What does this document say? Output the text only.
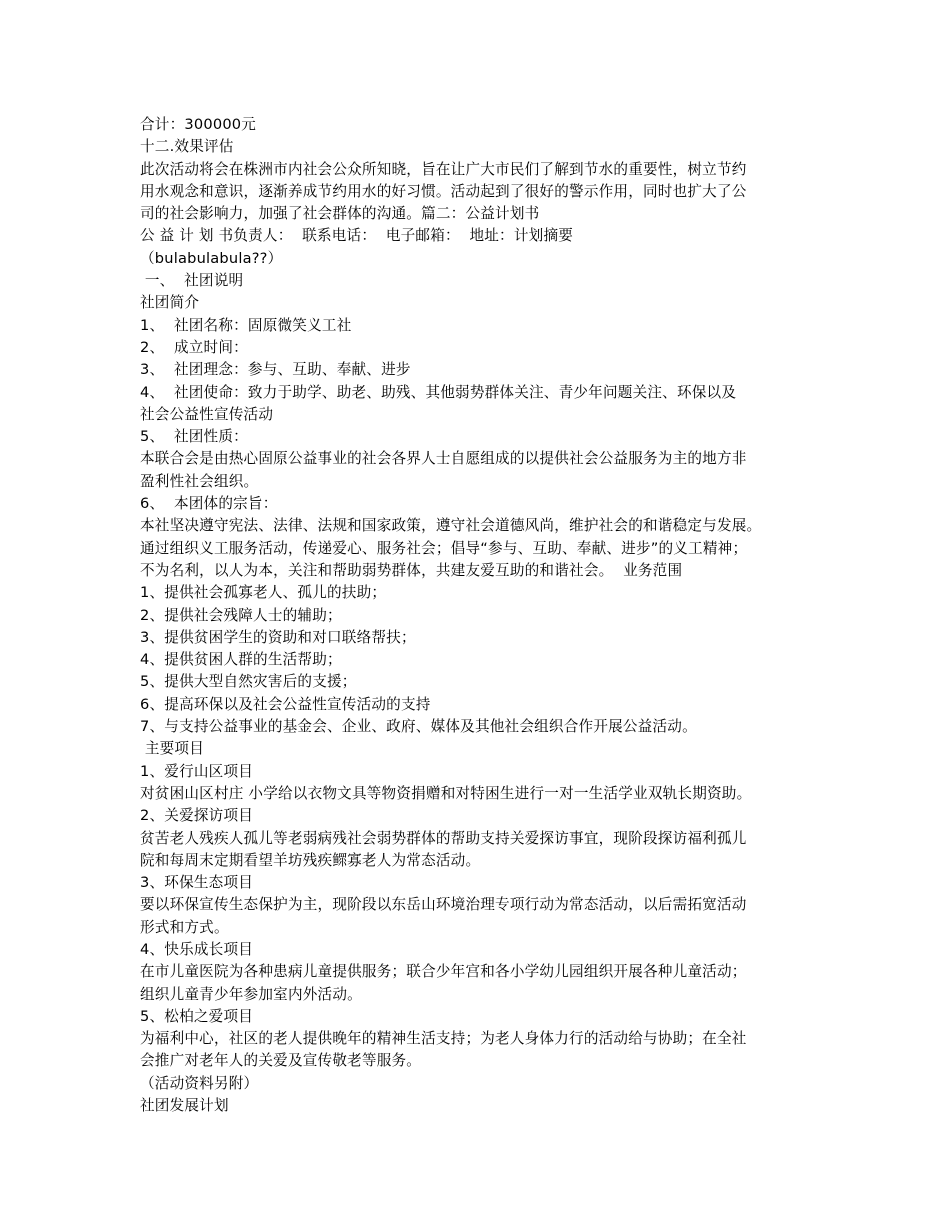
合计：300000元
十二.效果评估
此次活动将会在株洲市内社会公众所知晓，旨在让广大市民们了解到节水的重要性，树立节约
用水观念和意识，逐渐养成节约用水的好习惯。活动起到了很好的警示作用，同时也扩大了公
司的社会影响力，加强了社会群体的沟通。篇二：公益计划书
公 益 计 划 书负责人：  联系电话：  电子邮箱：  地址：计划摘要
（bulabulabula??）
一、  社团说明
社团简介
1、  社团名称：固原微笑义工社
2、  成立时间：
3、  社团理念：参与、互助、奉献、进步
4、  社团使命：致力于助学、助老、助残、其他弱势群体关注、青少年问题关注、环保以及
社会公益性宣传活动
5、  社团性质：
本联合会是由热心固原公益事业的社会各界人士自愿组成的以提供社会公益服务为主的地方非
盈利性社会组织。
6、  本团体的宗旨：
本社坚决遵守宪法、法律、法规和国家政策，遵守社会道德风尚，维护社会的和谐稳定与发展。
通过组织义工服务活动，传递爱心、服务社会；倡导“参与、互助、奉献、进步”的义工精神；
不为名利，以人为本，关注和帮助弱势群体，共建友爱互助的和谐社会。  业务范围
1、提供社会孤寡老人、孤儿的扶助；
2、提供社会残障人士的辅助；
3、提供贫困学生的资助和对口联络帮扶；
4、提供贫困人群的生活帮助；
5、提供大型自然灾害后的支援；
6、提高环保以及社会公益性宣传活动的支持
7、与支持公益事业的基金会、企业、政府、媒体及其他社会组织合作开展公益活动。
主要项目
1、爱行山区项目
对贫困山区村庄 小学给以衣物文具等物资捐赠和对特困生进行一对一生活学业双轨长期资助。
2、关爱探访项目
贫苦老人残疾人孤儿等老弱病残社会弱势群体的帮助支持关爱探访事宜，现阶段探访福利孤儿
院和每周末定期看望羊坊残疾鳏寡老人为常态活动。
3、环保生态项目
要以环保宣传生态保护为主，现阶段以东岳山环境治理专项行动为常态活动，以后需拓宽活动
形式和方式。
4、快乐成长项目
在市儿童医院为各种患病儿童提供服务；联合少年宫和各小学幼儿园组织开展各种儿童活动；
组织儿童青少年参加室内外活动。
5、松柏之爱项目
为福利中心，社区的老人提供晚年的精神生活支持；为老人身体力行的活动给与协助；在全社
会推广对老年人的关爱及宣传敬老等服务。
（活动资料另附）
社团发展计划
